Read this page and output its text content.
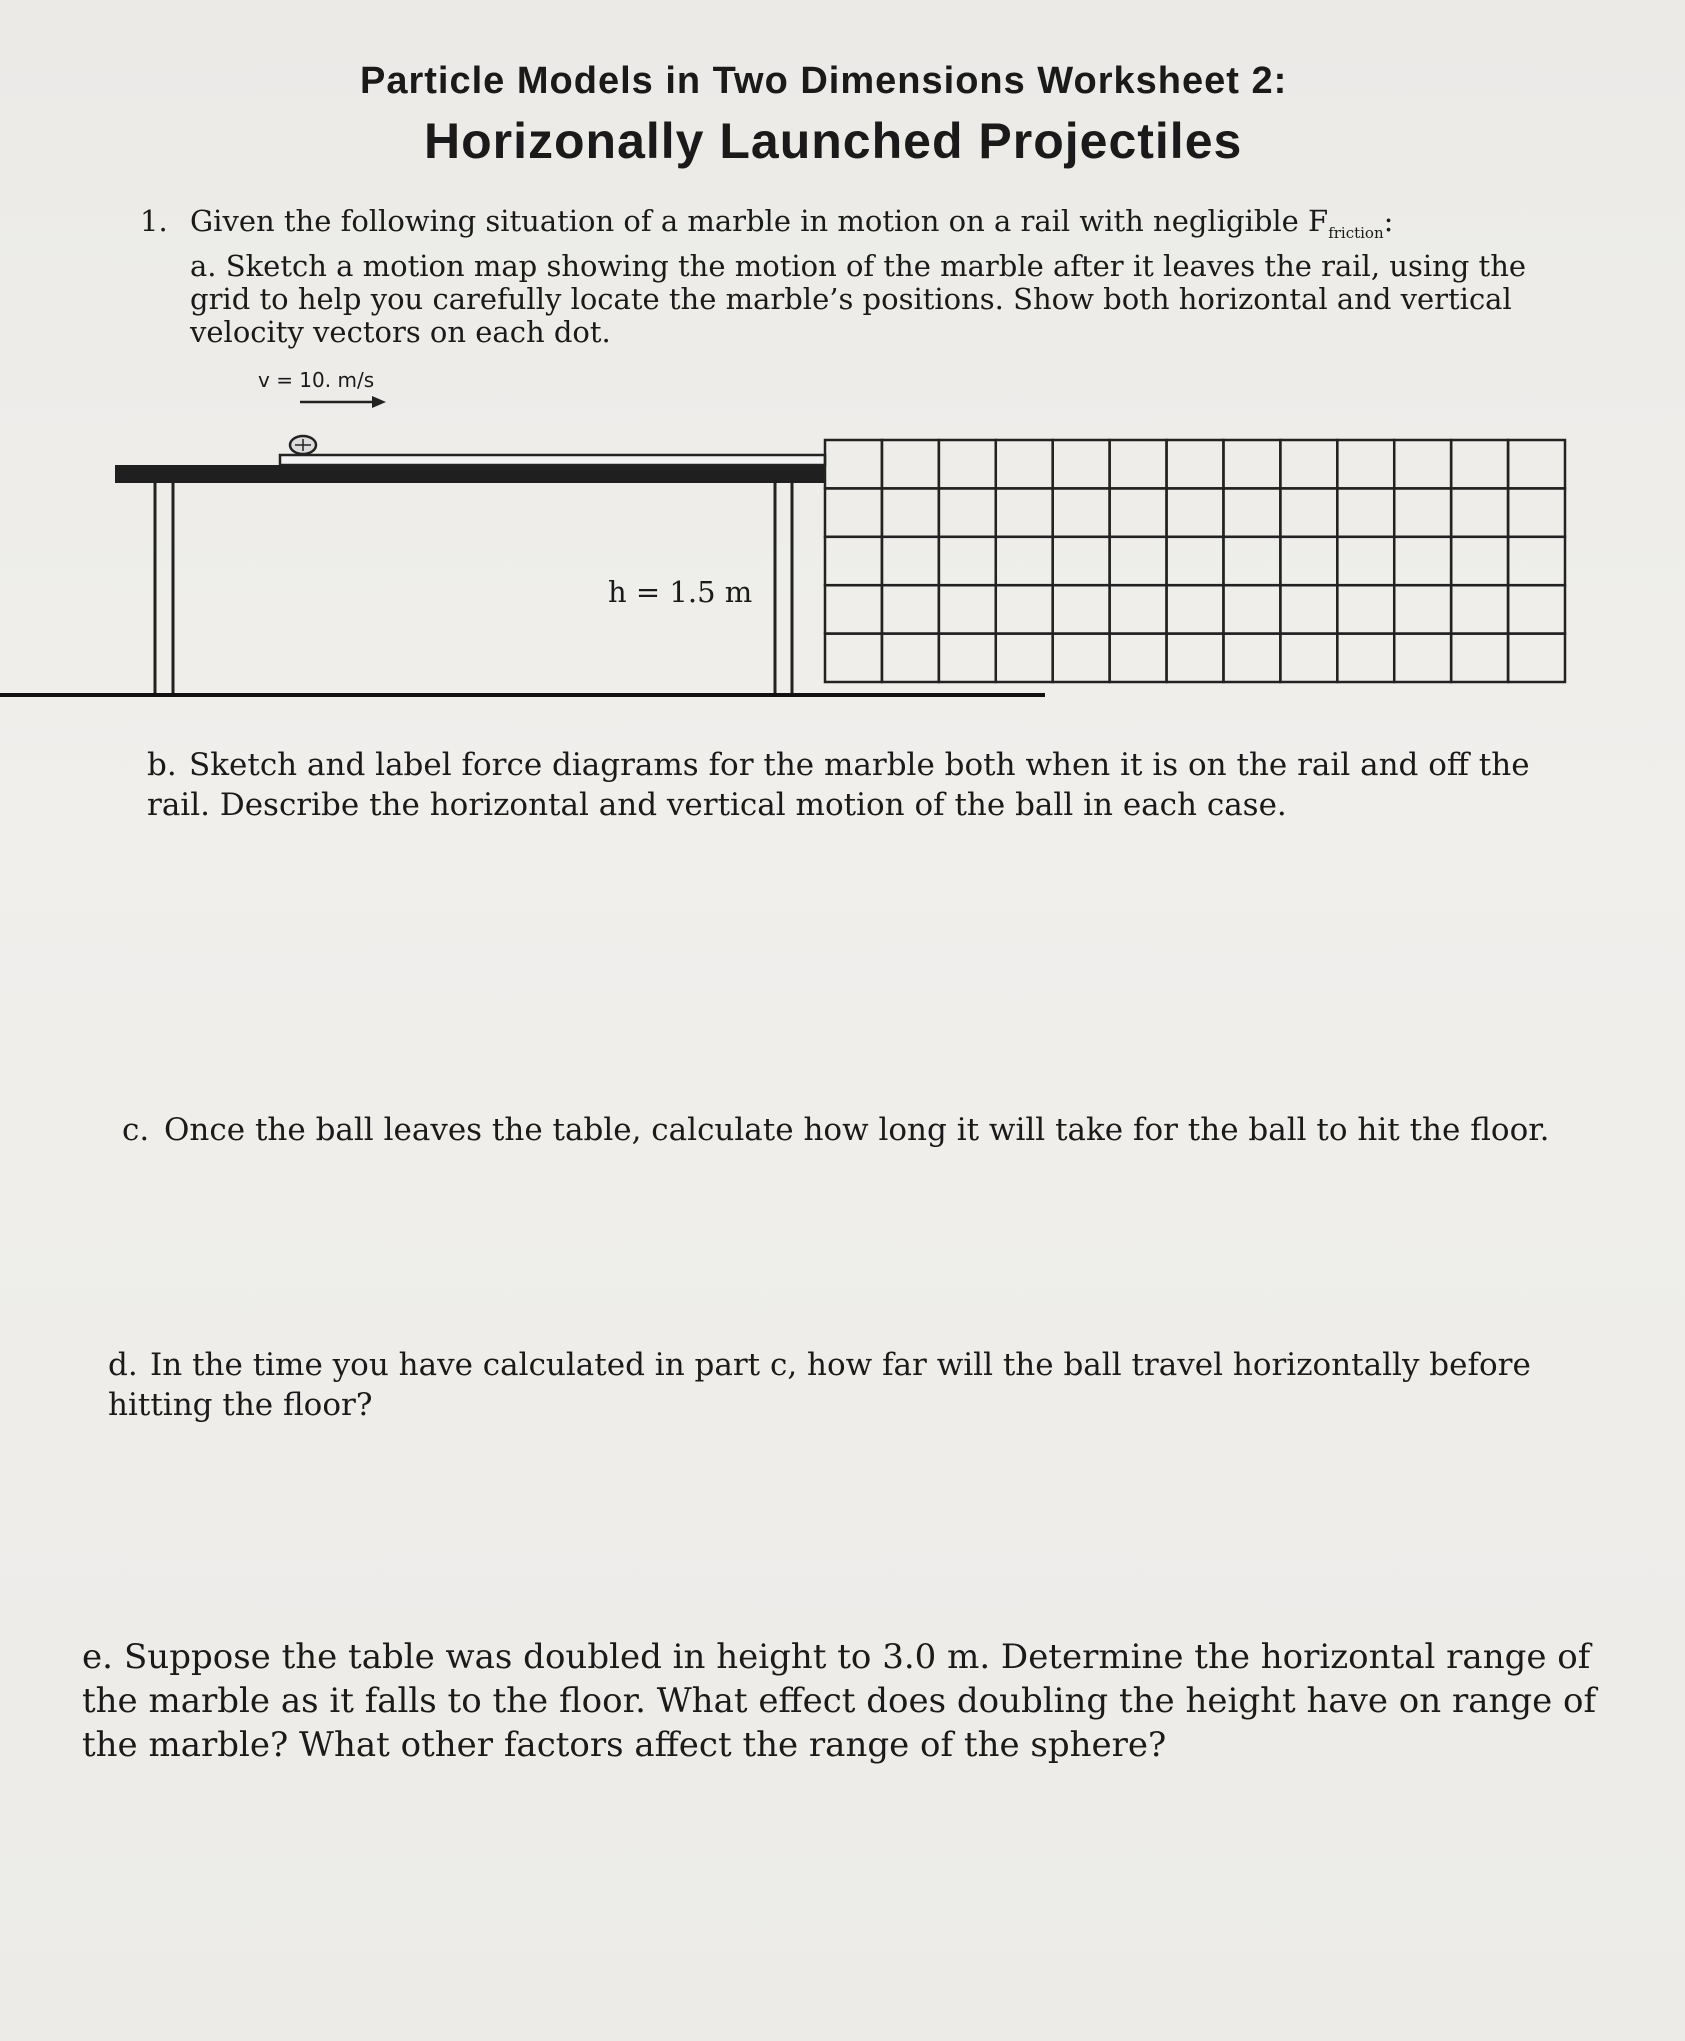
Particle Models in Two Dimensions Worksheet 2:
Horizonally Launched Projectiles
1. Given the following situation of a marble in motion on a rail with negligible $F_{friction}$:
a. Sketch a motion map showing the motion of the marble after it leaves the rail, using the grid to help you carefully locate the marble’s positions. Show both horizontal and vertical velocity vectors on each dot.
v = 10. m/s
h = 1.5 m
b. Sketch and label force diagrams for the marble both when it is on the rail and off the rail. Describe the horizontal and vertical motion of the ball in each case.
c. Once the ball leaves the table, calculate how long it will take for the ball to hit the floor.
d. In the time you have calculated in part c, how far will the ball travel horizontally before hitting the floor?
e. Suppose the table was doubled in height to 3.0 m. Determine the horizontal range of the marble as it falls to the floor. What effect does doubling the height have on range of the marble? What other factors affect the range of the sphere?
